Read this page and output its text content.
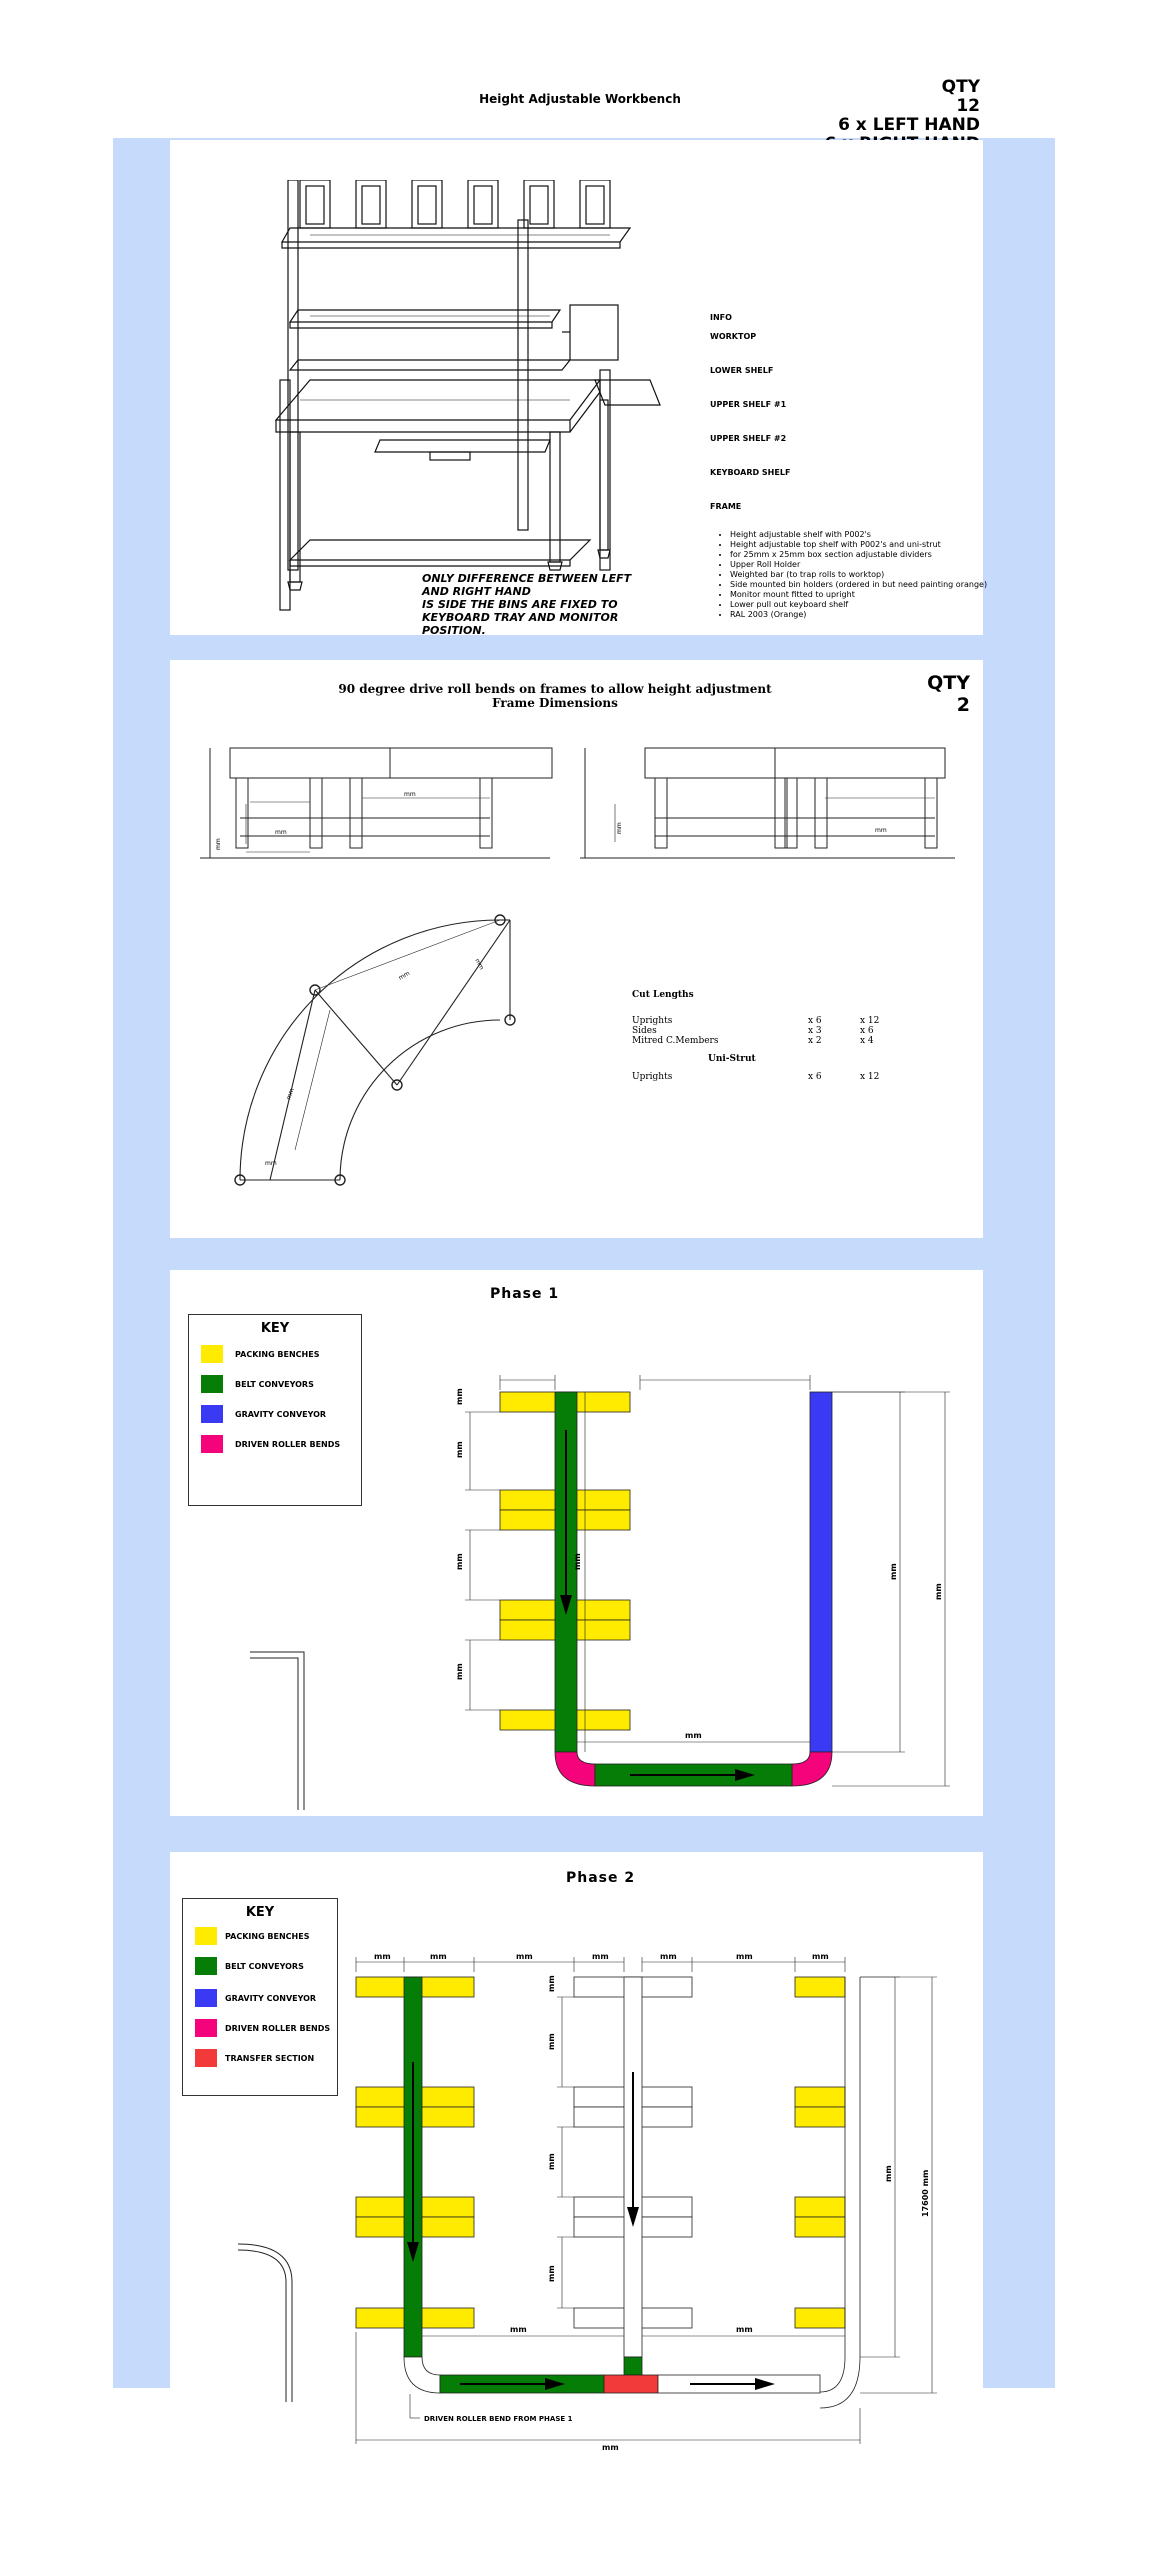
Height Adjustable Workbench
QTY
12
6 x LEFT HAND
INFO
WORKTOP
LOWER SHELF
UPPER SHELF #1
UPPER SHELF #2
KEYBOARD SHELF
FRAME
• Height adjustable shelf with P002's
• Height adjustable top shelf with P002's and uni-strut
• for 25mm x 25mm box section adjustable dividers
• Upper Roll Holder
• Weighted bar (to trap rolls to worktop)
• Side mounted bin holders (ordered in but need painting orange)
• Monitor mount fitted to upright
• Lower pull out keyboard shelf
• RAL 2003 (Orange)
ONLY DIFFERENCE BETWEEN LEFT
AND RIGHT HAND
IS SIDE THE BINS ARE FIXED TO
KEYBOARD TRAY AND MONITOR
POSITION.
90 degree drive roll bends on frames to allow height adjustment
Frame Dimensions
QTY
2
mm
mm
mm
mm	mm
mm
mm
mm
mm
Cut Lengths
Uprights	x 6	x 12
Sides	x 3	x 6
Mitred C.Members	x 2	x 4
Uni-Strut
Uprights	x 6	x 12
Phase 1
KEY
PACKING BENCHES
BELT CONVEYORS
GRAVITY CONVEYOR
DRIVEN ROLLER BENDS
mm
mm
mm
mm
mm
mm
mm
mm
Phase 2
KEY
PACKING BENCHES
BELT CONVEYORS
GRAVITY CONVEYOR
DRIVEN ROLLER BENDS
TRANSFER SECTION
DRIVEN ROLLER BEND FROM PHASE 1
mm	mm	mm	mm	mm	mm	mm
mm
mm
mm
mm
mm	mm
mm	17600 mm
mm
